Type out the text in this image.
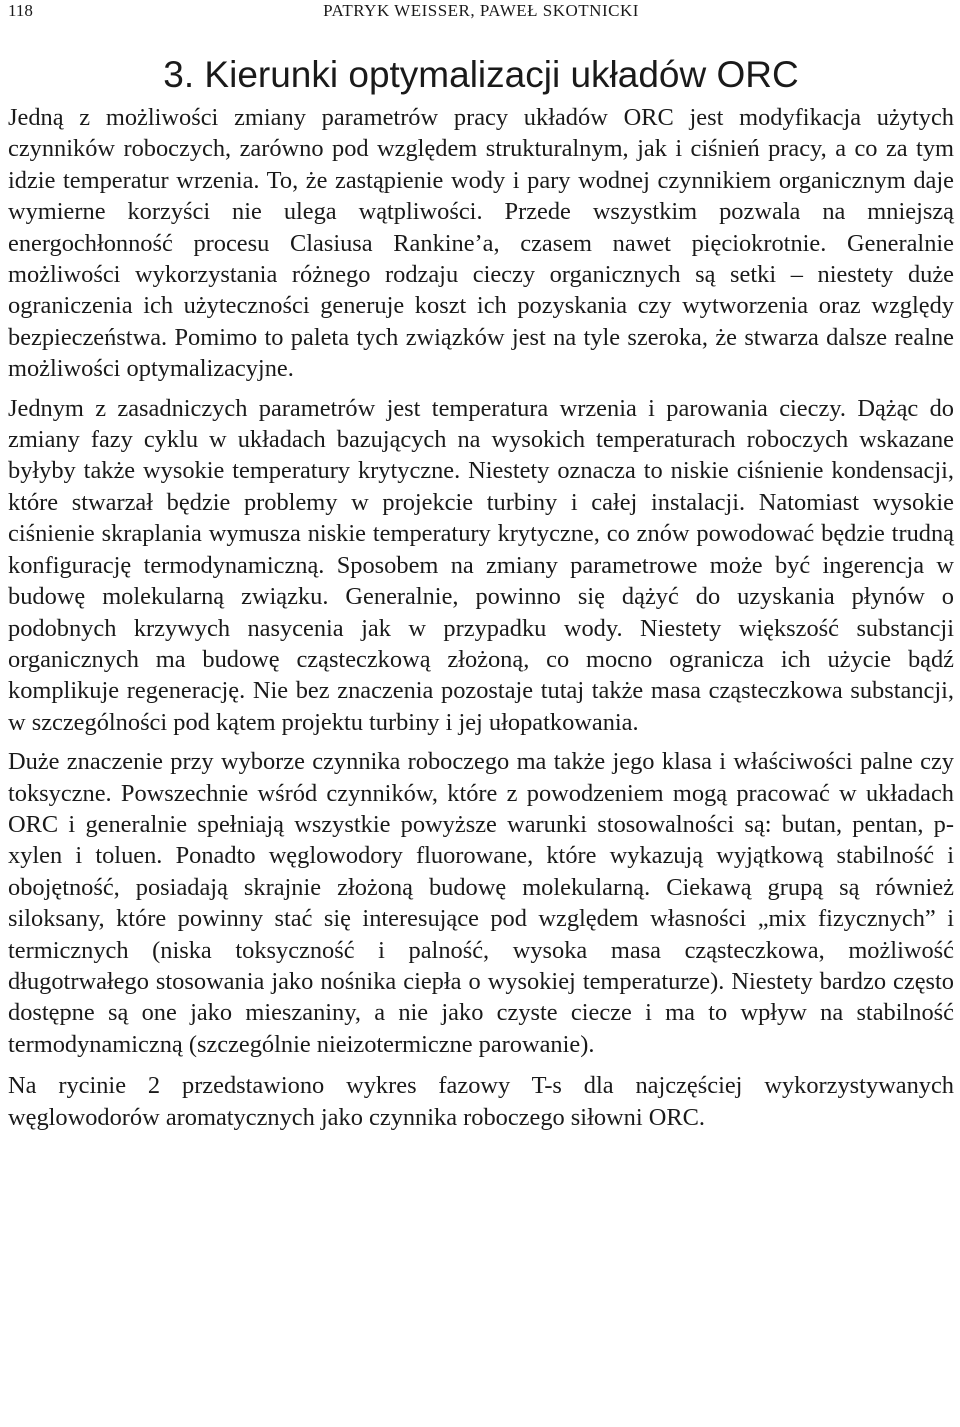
118	PATRYK WEISSER, PAWEŁ SKOTNICKI
3. Kierunki optymalizacji układów ORC

Jedną z możliwości zmiany parametrów pracy układów ORC jest modyfikacja użytych czynników roboczych, zarówno pod względem strukturalnym, jak i ciśnień pracy, a co za tym idzie temperatur wrzenia. To, że zastąpienie wody i pary wodnej czynnikiem organicznym daje wymierne korzyści nie ulega wątpliwości. Przede wszystkim pozwala na mniejszą energochłonność procesu Clasiusa Rankine’a, czasem nawet pięciokrotnie. Generalnie możliwości wykorzystania różnego rodzaju cieczy organicznych są setki – niestety duże ograniczenia ich użyteczności generuje koszt ich pozyskania czy wytworzenia oraz względy bezpieczeństwa. Pomimo to paleta tych związków jest na tyle szeroka, że stwarza dalsze realne możliwości optymalizacyjne.

Jednym z zasadniczych parametrów jest temperatura wrzenia i parowania cieczy. Dążąc do zmiany fazy cyklu w układach bazujących na wysokich temperaturach roboczych wskazane byłyby także wysokie temperatury krytyczne. Niestety oznacza to niskie ciśnienie kondensacji, które stwarzał będzie problemy w projekcie turbiny i całej instalacji. Natomiast wysokie ciśnienie skraplania wymusza niskie temperatury krytyczne, co znów powodować będzie trudną konfigurację termodynamiczną. Sposobem na zmiany parametrowe może być ingerencja w budowę molekularną związku. Generalnie, powinno się dążyć do uzyskania płynów o podobnych krzywych nasycenia jak w przypadku wody. Niestety większość substancji organicznych ma budowę cząsteczkową złożoną, co mocno ogranicza ich użycie bądź komplikuje regenerację. Nie bez znaczenia pozostaje tutaj także masa cząsteczkowa substancji, w szczególności pod kątem projektu turbiny i jej ułopatkowania.

Duże znaczenie przy wyborze czynnika roboczego ma także jego klasa i właściwości palne czy toksyczne. Powszechnie wśród czynników, które z powodzeniem mogą pracować w układach ORC i generalnie spełniają wszystkie powyższe warunki stosowalności są: butan, pentan, p-xylen i toluen. Ponadto węglowodory fluorowane, które wykazują wyjątkową stabilność i obojętność, posiadają skrajnie złożoną budowę molekularną. Ciekawą grupą są również siloksany, które powinny stać się interesujące pod względem własności „mix fizycznych” i termicznych (niska toksyczność i palność, wysoka masa cząsteczkowa, możliwość długotrwałego stosowania jako nośnika ciepła o wysokiej temperaturze). Niestety bardzo często dostępne są one jako mieszaniny, a nie jako czyste ciecze i ma to wpływ na stabilność termodynamiczną (szczególnie nieizotermiczne parowanie).

Na rycinie 2 przedstawiono wykres fazowy T-s dla najczęściej wykorzystywanych węglowodorów aromatycznych jako czynnika roboczego siłowni ORC.
